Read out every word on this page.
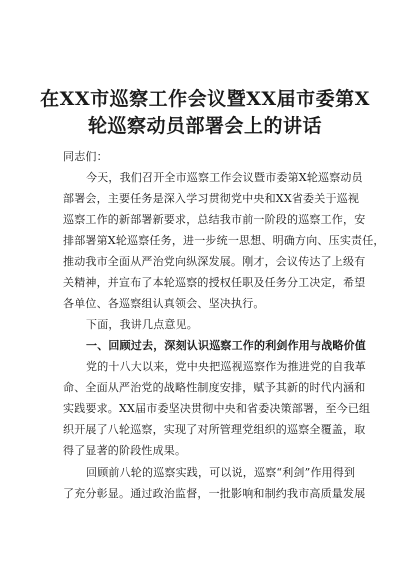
在XX市巡察工作会议暨XX届市委第X
轮巡察动员部署会上的讲话
同志们：
今天，我们召开全市巡察工作会议暨市委第X轮巡察动员
部署会，主要任务是深入学习贯彻党中央和XX省委关于巡视
巡察工作的新部署新要求，总结我市前一阶段的巡察工作，安
排部署第X轮巡察任务，进一步统一思想、明确方向、压实责任，
推动我市全面从严治党向纵深发展。刚才，会议传达了上级有
关精神，并宣布了本轮巡察的授权任职及任务分工决定，希望
各单位、各巡察组认真领会、坚决执行。
下面，我讲几点意见。
一、回顾过去，深刻认识巡察工作的利剑作用与战略价值
党的十八大以来，党中央把巡视巡察作为推进党的自我革
命、全面从严治党的战略性制度安排，赋予其新的时代内涵和
实践要求。XX届市委坚决贯彻中央和省委决策部署，至今已组
织开展了八轮巡察，实现了对所管理党组织的巡察全覆盖，取
得了显著的阶段性成果。
回顾前八轮的巡察实践，可以说，巡察“利剑”作用得到
了充分彰显。通过政治监督，一批影响和制约我市高质量发展
